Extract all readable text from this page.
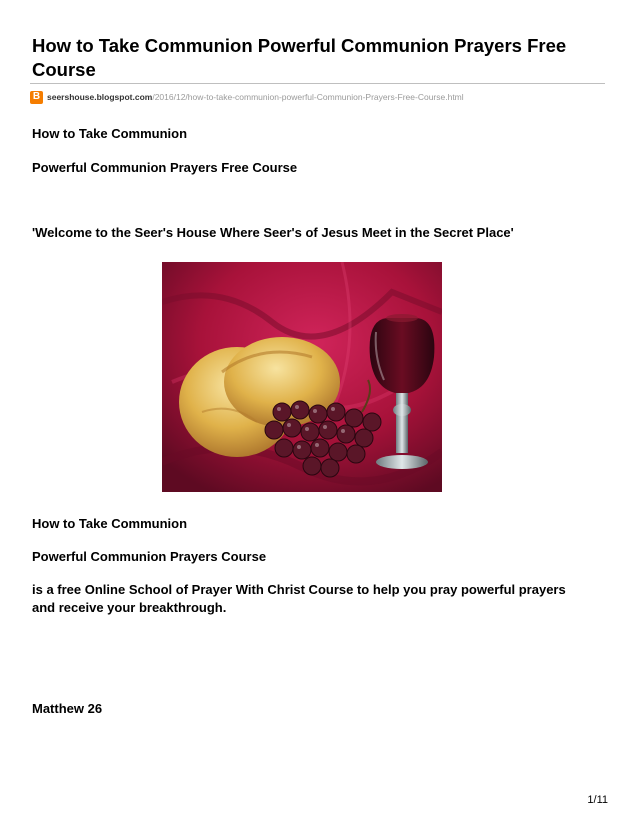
How to Take Communion Powerful Communion Prayers Free Course
B seershouse.blogspot.com /2016/12/how-to-take-communion-powerful-Communion-Prayers-Free-Course.html
How to Take Communion
Powerful Communion Prayers Free Course
'Welcome to the Seer's House Where Seer's of Jesus Meet in the Secret Place'
How to Take Communion
Powerful Communion Prayers Course
is a free Online School of Prayer With Christ Course to help you pray powerful prayers and receive your breakthrough.
Matthew 26
1/11
